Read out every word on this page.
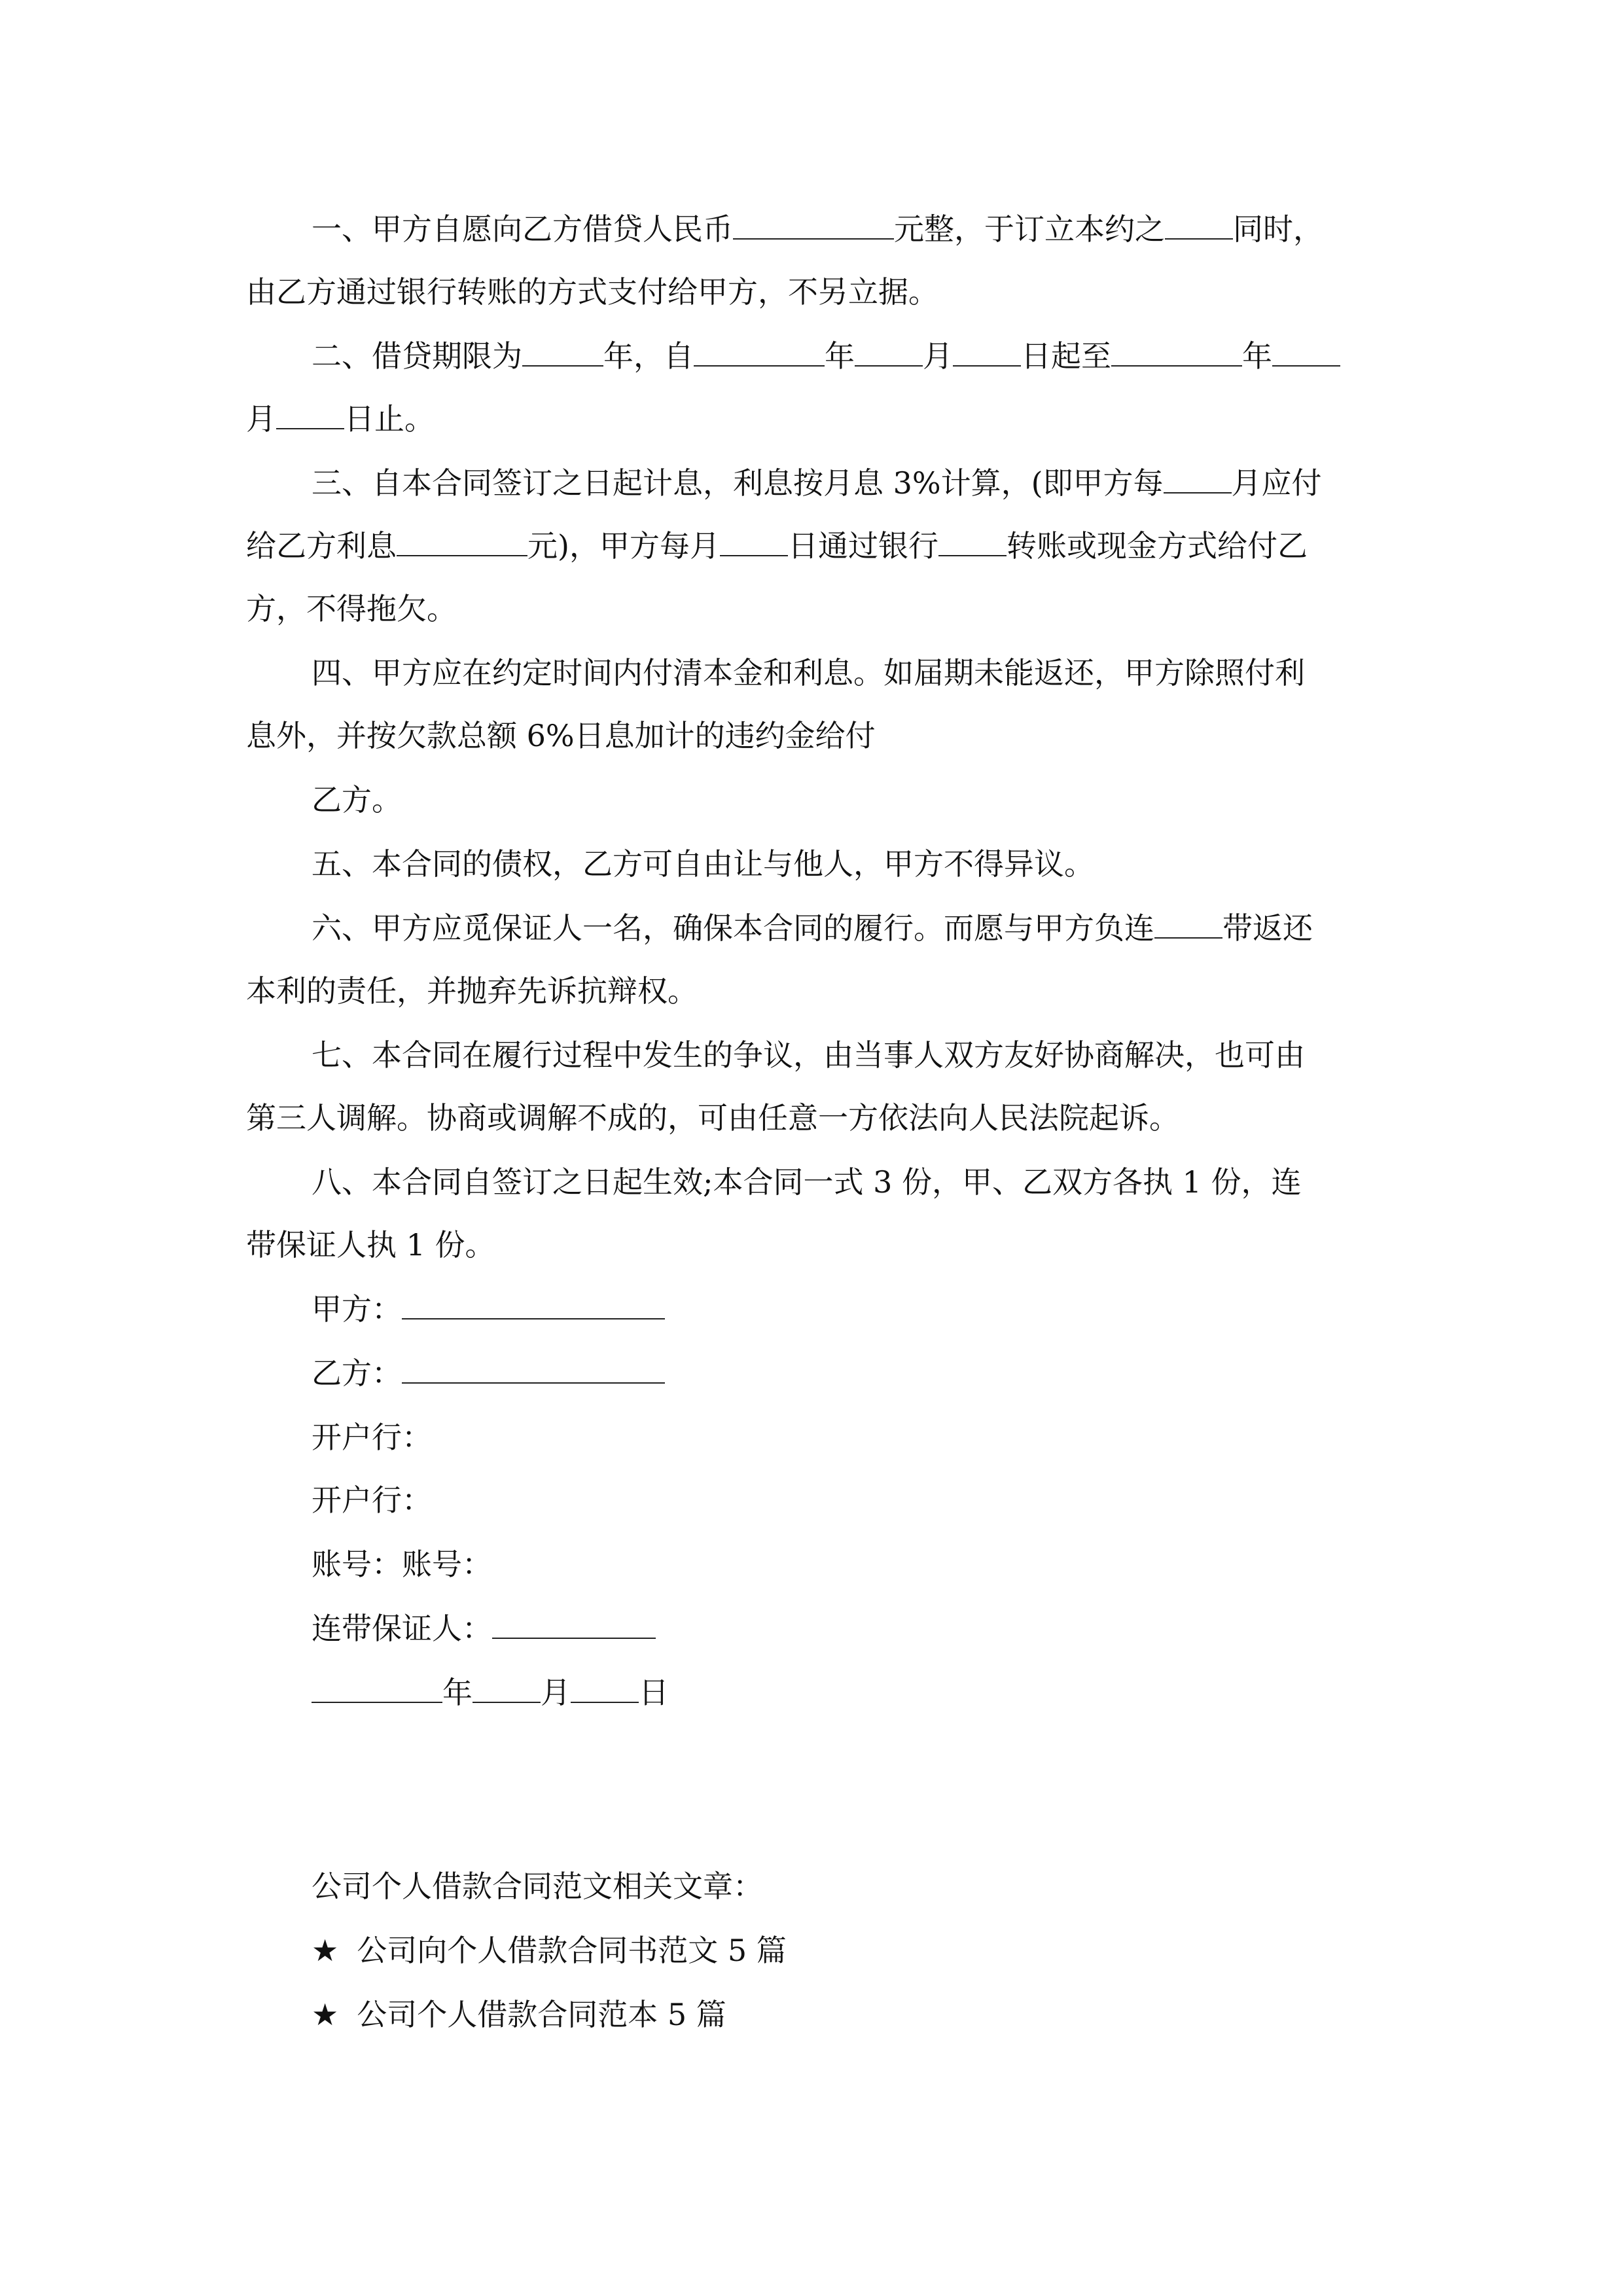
一、甲方自愿向乙方借贷人民币	元整，于订立本约之 同时，
由乙方通过银行转账的方式支付给甲方，不另立据。
二、借贷期限为	年，自	年 月 日起至	年
月 日止。
三、自本合同签订之日起计息，利息按月息 3%计算，(即甲方每 月应付
给乙方利息	元)，甲方每月 日通过银行 转账或现金方式给付乙
方，不得拖欠。
四、甲方应在约定时间内付清本金和利息。如届期未能返还，甲方除照付利
息外，并按欠款总额 6%日息加计的违约金给付
乙方。
五、本合同的债权，乙方可自由让与他人，甲方不得异议。
六、甲方应觅保证人一名，确保本合同的履行。而愿与甲方负连 带返还
本利的责任，并抛弃先诉抗辩权。
七、本合同在履行过程中发生的争议，由当事人双方友好协商解决，也可由
第三人调解。协商或调解不成的，可由任意一方依法向人民法院起诉。
八、本合同自签订之日起生效;本合同一式 3 份，甲、乙双方各执 1 份，连
带保证人执 1 份。
甲方：
乙方：
开户行：
开户行：
账号：账号：
连带保证人：
年 月 日
公司个人借款合同范文相关文章：
★ 公司向个人借款合同书范文 5 篇
★ 公司个人借款合同范本 5 篇
